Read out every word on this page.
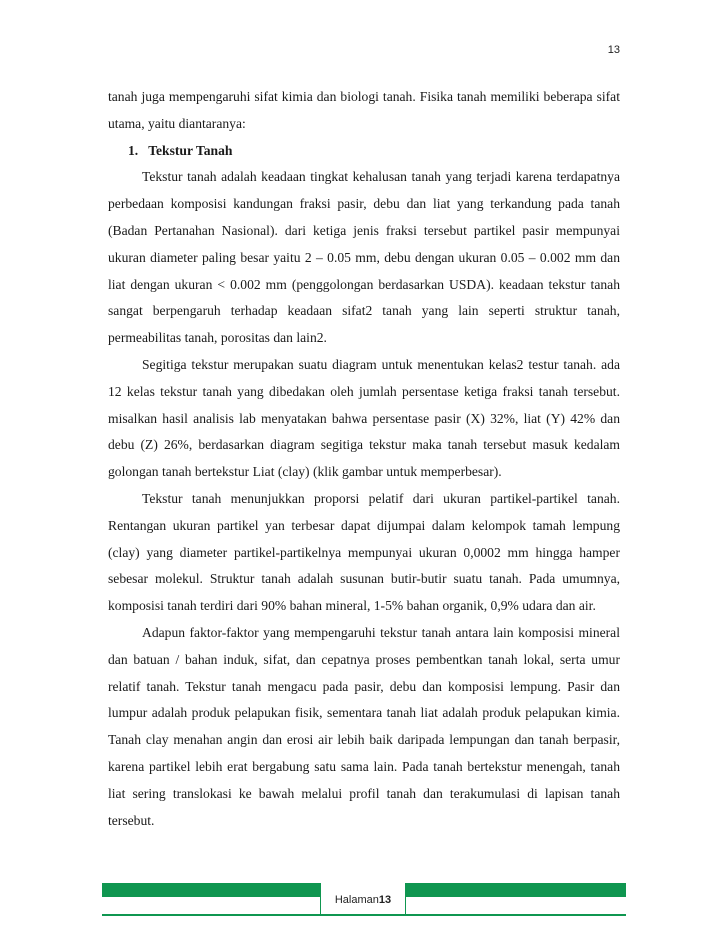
13

tanah juga mempengaruhi sifat kimia dan biologi tanah. Fisika tanah memiliki beberapa sifat utama, yaitu diantaranya:

1. Tekstur Tanah

Tekstur tanah adalah keadaan tingkat kehalusan tanah yang terjadi karena terdapatnya perbedaan komposisi kandungan fraksi pasir, debu dan liat yang terkandung pada tanah (Badan Pertanahan Nasional). dari ketiga jenis fraksi tersebut partikel pasir mempunyai ukuran diameter paling besar yaitu 2 – 0.05 mm, debu dengan ukuran 0.05 – 0.002 mm dan liat dengan ukuran < 0.002 mm (penggolongan berdasarkan USDA). keadaan tekstur tanah sangat berpengaruh terhadap keadaan sifat2 tanah yang lain seperti struktur tanah, permeabilitas tanah, porositas dan lain2.

Segitiga tekstur merupakan suatu diagram untuk menentukan kelas2 testur tanah. ada 12 kelas tekstur tanah yang dibedakan oleh jumlah persentase ketiga fraksi tanah tersebut. misalkan hasil analisis lab menyatakan bahwa persentase pasir (X) 32%, liat (Y) 42% dan debu (Z) 26%, berdasarkan diagram segitiga tekstur maka tanah tersebut masuk kedalam golongan tanah bertekstur Liat (clay) (klik gambar untuk memperbesar).

Tekstur tanah menunjukkan proporsi pelatif dari ukuran partikel-partikel tanah. Rentangan ukuran partikel yan terbesar dapat dijumpai dalam kelompok tamah lempung (clay) yang diameter partikel-partikelnya mempunyai ukuran 0,0002 mm hingga hamper sebesar molekul. Struktur tanah adalah susunan butir-butir suatu tanah. Pada umumnya, komposisi tanah terdiri dari 90% bahan mineral, 1-5% bahan organik, 0,9% udara dan air.

Adapun faktor-faktor yang mempengaruhi tekstur tanah antara lain komposisi mineral dan batuan / bahan induk, sifat, dan cepatnya proses pembentkan tanah lokal, serta umur relatif tanah. Tekstur tanah mengacu pada pasir, debu dan komposisi lempung. Pasir dan lumpur adalah produk pelapukan fisik, sementara tanah liat adalah produk pelapukan kimia. Tanah clay menahan angin dan erosi air lebih baik daripada lempungan dan tanah berpasir, karena partikel lebih erat bergabung satu sama lain. Pada tanah bertekstur menengah, tanah liat sering translokasi ke bawah melalui profil tanah dan terakumulasi di lapisan tanah tersebut.

Halaman13
